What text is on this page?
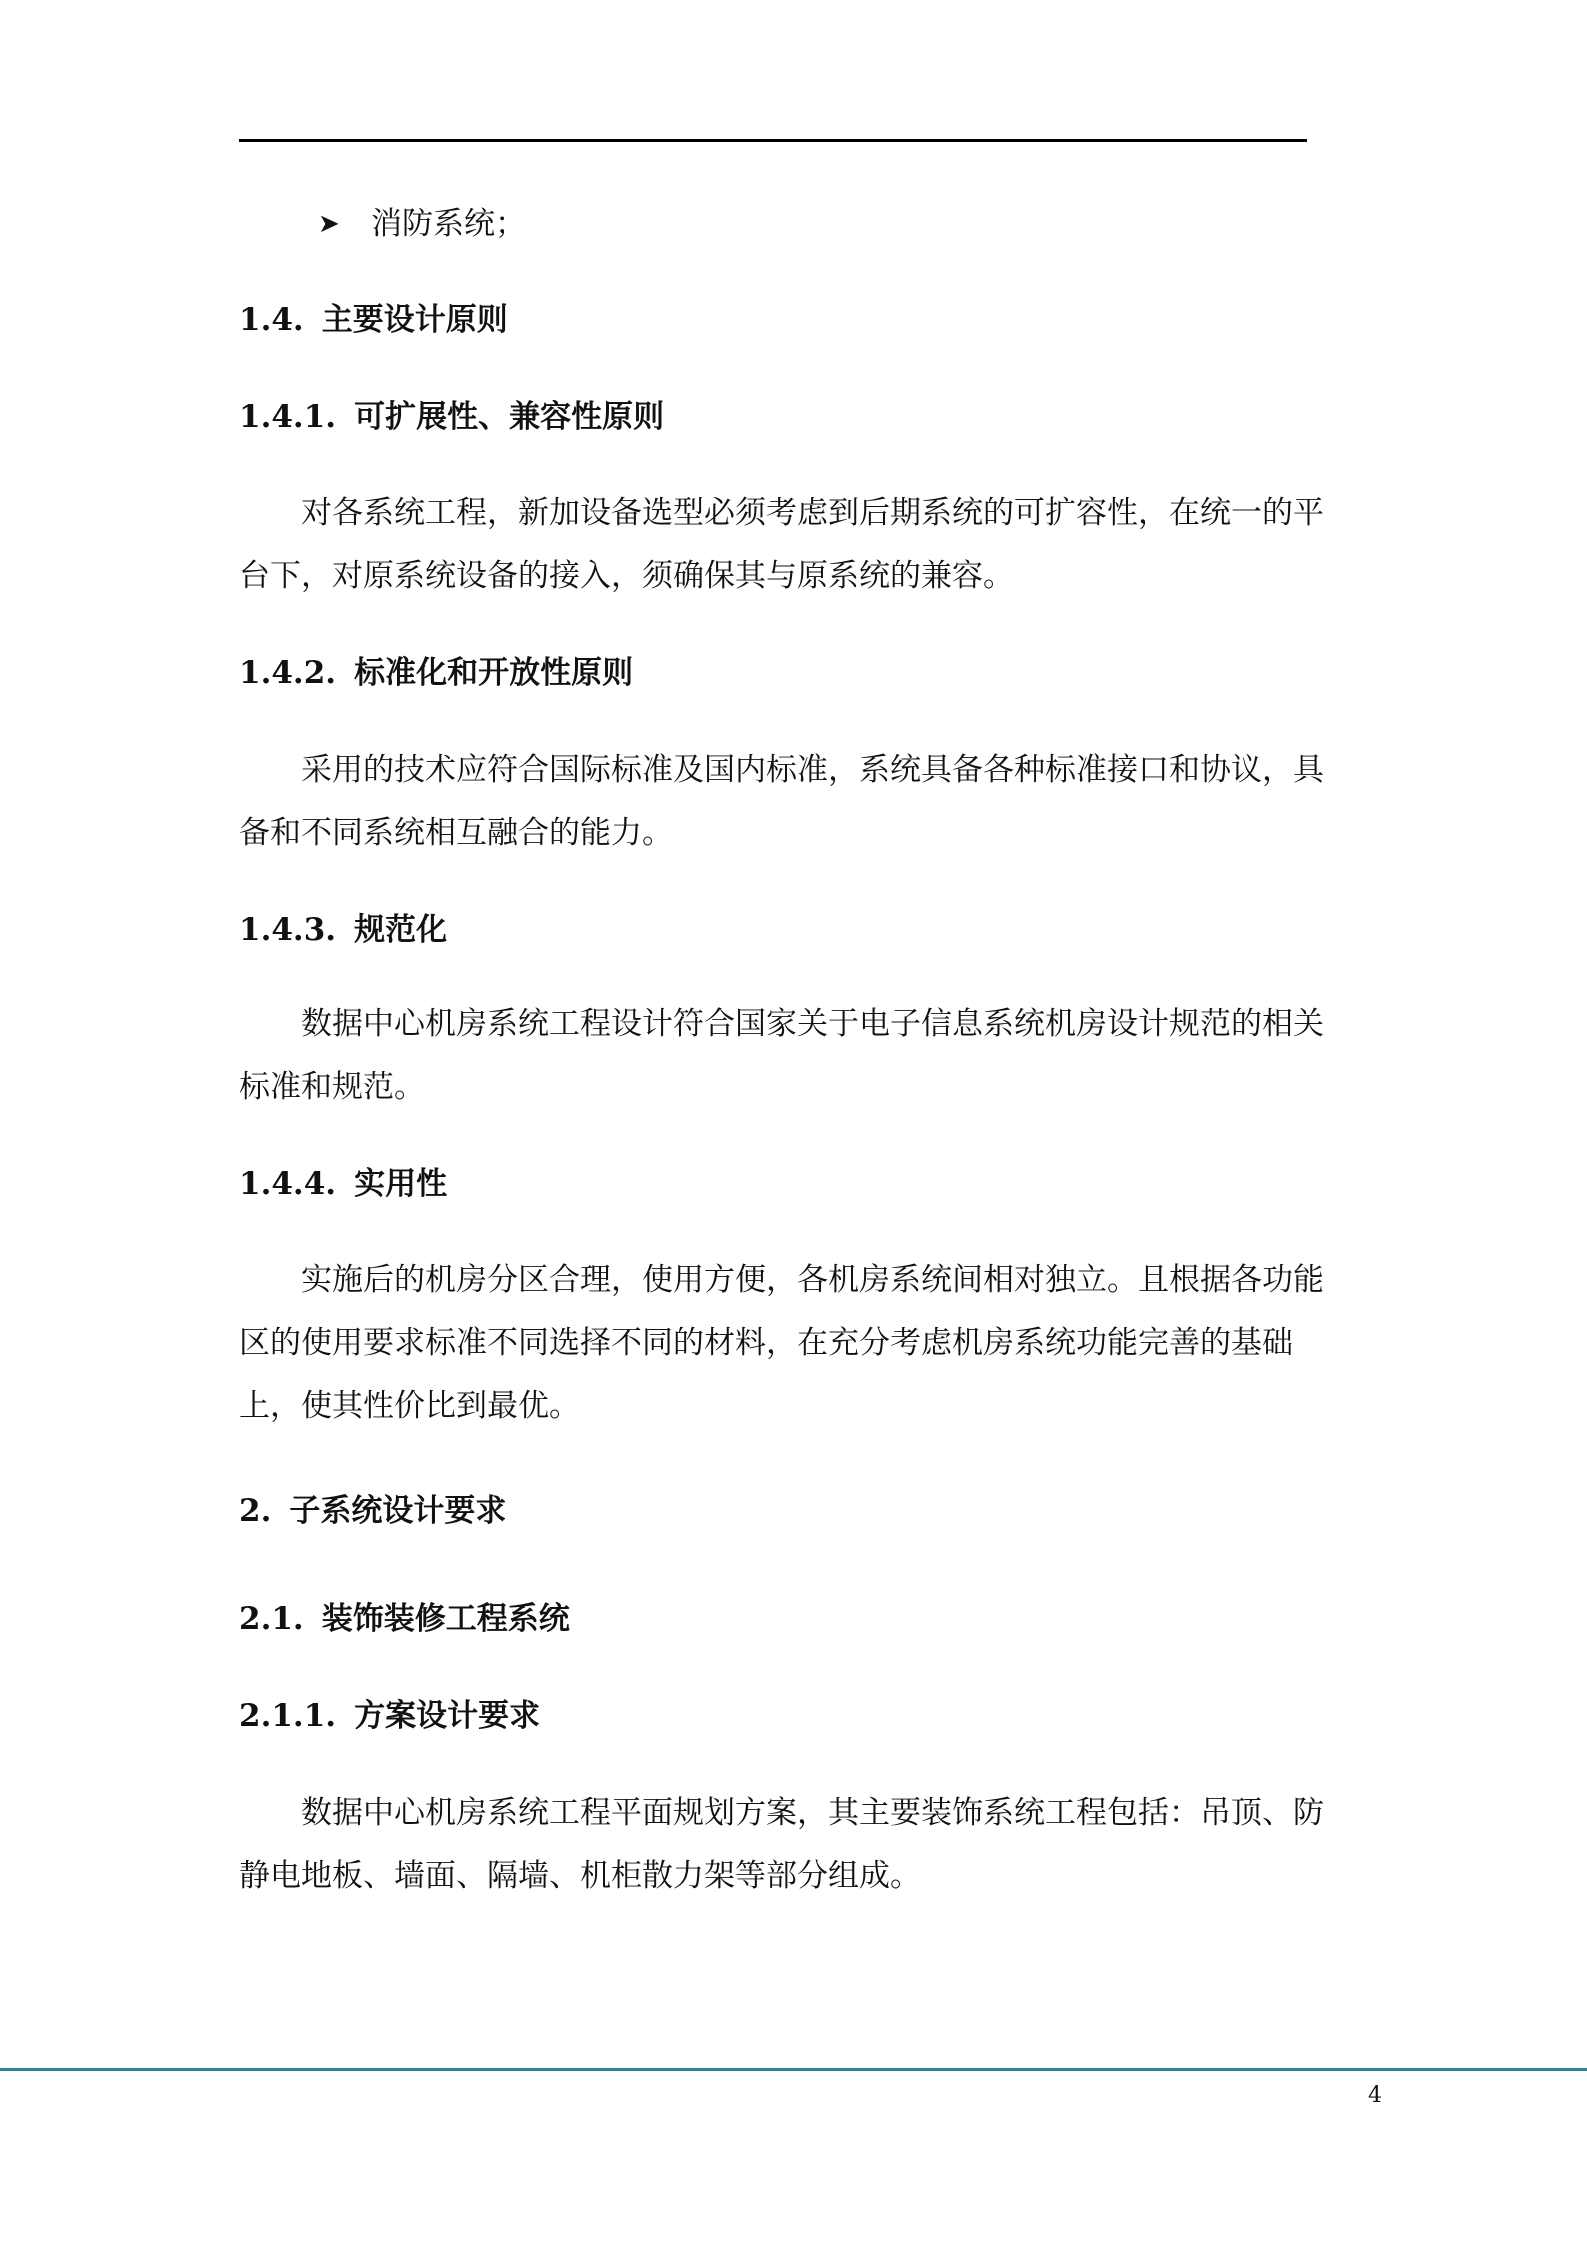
➤ 消防系统；
1.4. 主要设计原则
1.4.1. 可扩展性、兼容性原则

对各系统工程，新加设备选型必须考虑到后期系统的可扩容性，在统一的平台下，对原系统设备的接入，须确保其与原系统的兼容。

1.4.2. 标准化和开放性原则

采用的技术应符合国际标准及国内标准，系统具备各种标准接口和协议，具备和不同系统相互融合的能力。

1.4.3. 规范化

数据中心机房系统工程设计符合国家关于电子信息系统机房设计规范的相关标准和规范。

1.4.4. 实用性

实施后的机房分区合理，使用方便，各机房系统间相对独立。且根据各功能区的使用要求标准不同选择不同的材料，在充分考虑机房系统功能完善的基础上，使其性价比到最优。

2. 子系统设计要求
2.1. 装饰装修工程系统
2.1.1. 方案设计要求

数据中心机房系统工程平面规划方案，其主要装饰系统工程包括：吊顶、防静电地板、墙面、隔墙、机柜散力架等部分组成。

4
